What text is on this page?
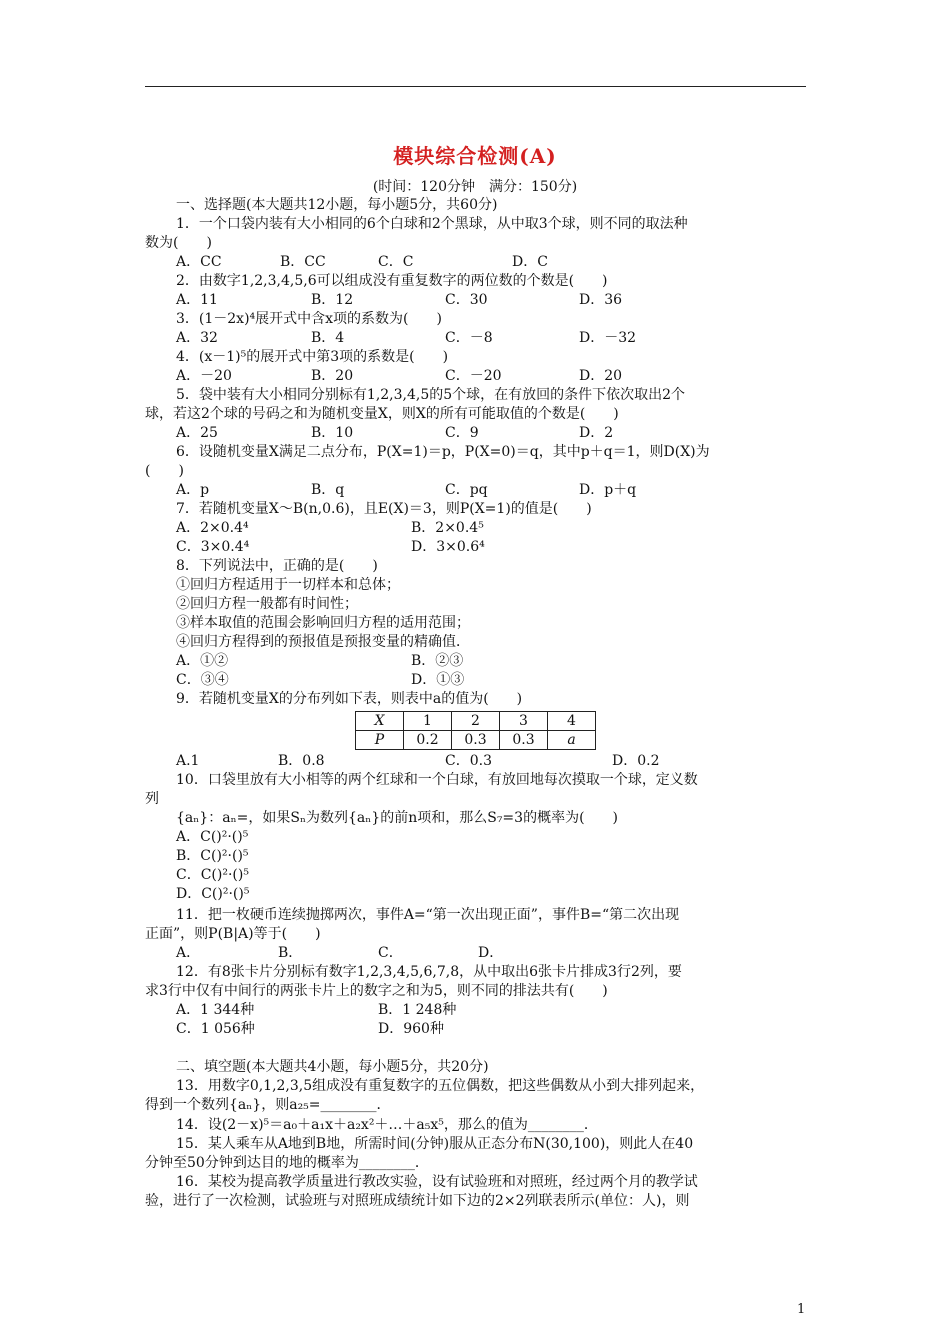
模块综合检测(A)
(时间：120分钟　满分：150分)
一、选择题(本大题共12小题，每小题5分，共60分)
1．一个口袋内装有大小相同的6个白球和2个黑球，从中取3个球，则不同的取法种
数为(　　)
A．CC	B．CC	C．C	D．C
2．由数字1,2,3,4,5,6可以组成没有重复数字的两位数的个数是(　　)
A．11	B．12	C．30	D．36
3．(1－2x)⁴展开式中含x项的系数为(　　)
A．32	B．4	C．－8	D．－32
4．(x－1)⁵的展开式中第3项的系数是(　　)
A．－20	B．20	C．－20	D．20
5．袋中装有大小相同分别标有1,2,3,4,5的5个球，在有放回的条件下依次取出2个
球，若这2个球的号码之和为随机变量X，则X的所有可能取值的个数是(　　)
A．25	B．10	C．9	D．2
6．设随机变量X满足二点分布，P(X=1)＝p，P(X=0)＝q，其中p＋q＝1，则D(X)为
(　　)
A．p	B．q	C．pq	D．p＋q
7．若随机变量X～B(n,0.6)，且E(X)＝3，则P(X=1)的值是(　　)
A．2×0.4⁴	B．2×0.4⁵
C．3×0.4⁴	D．3×0.6⁴
8．下列说法中，正确的是(　　)
①回归方程适用于一切样本和总体；
②回归方程一般都有时间性；
③样本取值的范围会影响回归方程的适用范围；
④回归方程得到的预报值是预报变量的精确值．
A．①②	B．②③
C．③④	D．①③
9．若随机变量X的分布列如下表，则表中a的值为(　　)
X	1	2	3	4
P	0.2	0.3	0.3	a
A.1	B．0.8	C．0.3	D．0.2
10．口袋里放有大小相等的两个红球和一个白球，有放回地每次摸取一个球，定义数
列
{aₙ}：aₙ=，如果Sₙ为数列{aₙ}的前n项和，那么S₇=3的概率为(　　)
A．C()²·()⁵
B．C()²·()⁵
C．C()²·()⁵
D．C()²·()⁵
11．把一枚硬币连续抛掷两次，事件A=“第一次出现正面”，事件B=“第二次出现
正面”，则P(B|A)等于(　　)
A．	B．	C．	D．
12．有8张卡片分别标有数字1,2,3,4,5,6,7,8，从中取出6张卡片排成3行2列，要
求3行中仅有中间行的两张卡片上的数字之和为5，则不同的排法共有(　　)
A．1 344种	B．1 248种
C．1 056种	D．960种
二、填空题(本大题共4小题，每小题5分，共20分)
13．用数字0,1,2,3,5组成没有重复数字的五位偶数，把这些偶数从小到大排列起来，
得到一个数列{aₙ}，则a₂₅=________．
14．设(2－x)⁵＝a₀＋a₁x＋a₂x²＋…＋a₅x⁵，那么的值为________．
15．某人乘车从A地到B地，所需时间(分钟)服从正态分布N(30,100)，则此人在40
分钟至50分钟到达目的地的概率为________．
16．某校为提高教学质量进行教改实验，设有试验班和对照班，经过两个月的教学试
验，进行了一次检测，试验班与对照班成绩统计如下边的2×2列联表所示(单位：人)，则
1
